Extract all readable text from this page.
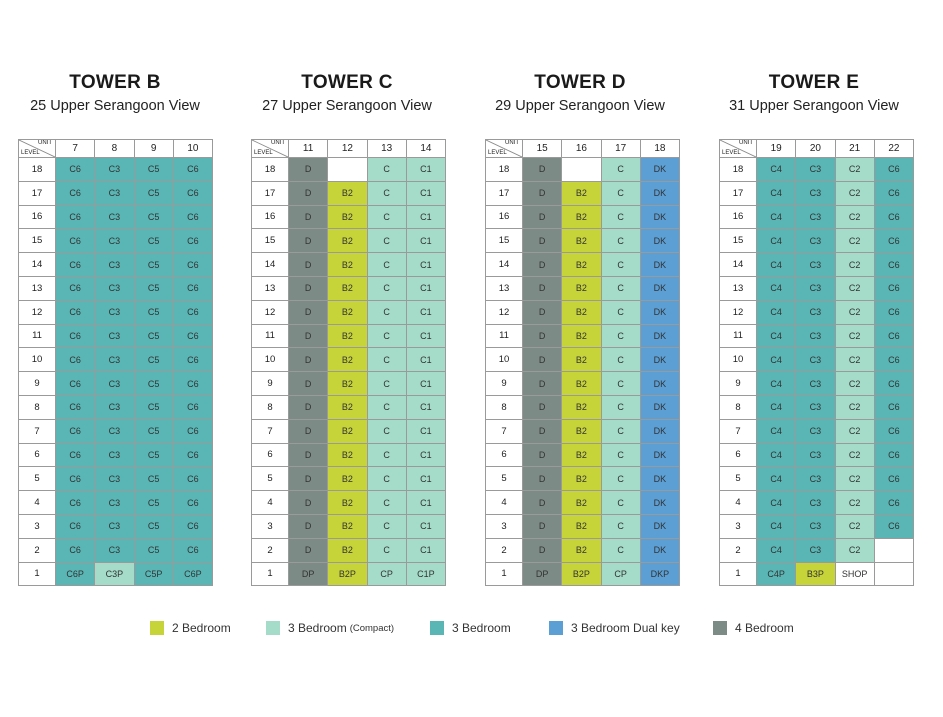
TOWER B
25 Upper Serangoon View
TOWER C
27 Upper Serangoon View
TOWER D
29 Upper Serangoon View
TOWER E
31 Upper Serangoon View
UNIT
LEVEL	7	8	9	10
18	C6	C3	C5	C6
17	C6	C3	C5	C6
16	C6	C3	C5	C6
15	C6	C3	C5	C6
14	C6	C3	C5	C6
13	C6	C3	C5	C6
12	C6	C3	C5	C6
11	C6	C3	C5	C6
10	C6	C3	C5	C6
9	C6	C3	C5	C6
8	C6	C3	C5	C6
7	C6	C3	C5	C6
6	C6	C3	C5	C6
5	C6	C3	C5	C6
4	C6	C3	C5	C6
3	C6	C3	C5	C6
2	C6	C3	C5	C6
1	C6P	C3P	C5P	C6P
UNIT
LEVEL	11	12	13	14
18	D		C	C1
17	D	B2	C	C1
16	D	B2	C	C1
15	D	B2	C	C1
14	D	B2	C	C1
13	D	B2	C	C1
12	D	B2	C	C1
11	D	B2	C	C1
10	D	B2	C	C1
9	D	B2	C	C1
8	D	B2	C	C1
7	D	B2	C	C1
6	D	B2	C	C1
5	D	B2	C	C1
4	D	B2	C	C1
3	D	B2	C	C1
2	D	B2	C	C1
1	DP	B2P	CP	C1P
UNIT
LEVEL	15	16	17	18
18	D		C	DK
17	D	B2	C	DK
16	D	B2	C	DK
15	D	B2	C	DK
14	D	B2	C	DK
13	D	B2	C	DK
12	D	B2	C	DK
11	D	B2	C	DK
10	D	B2	C	DK
9	D	B2	C	DK
8	D	B2	C	DK
7	D	B2	C	DK
6	D	B2	C	DK
5	D	B2	C	DK
4	D	B2	C	DK
3	D	B2	C	DK
2	D	B2	C	DK
1	DP	B2P	CP	DKP
UNIT
LEVEL	19	20	21	22
18	C4	C3	C2	C6
17	C4	C3	C2	C6
16	C4	C3	C2	C6
15	C4	C3	C2	C6
14	C4	C3	C2	C6
13	C4	C3	C2	C6
12	C4	C3	C2	C6
11	C4	C3	C2	C6
10	C4	C3	C2	C6
9	C4	C3	C2	C6
8	C4	C3	C2	C6
7	C4	C3	C2	C6
6	C4	C3	C2	C6
5	C4	C3	C2	C6
4	C4	C3	C2	C6
3	C4	C3	C2	C6
2	C4	C3	C2	
1	C4P	B3P	SHOP	
2 Bedroom	3 Bedroom (Compact)	3 Bedroom	3 Bedroom Dual key	4 Bedroom
